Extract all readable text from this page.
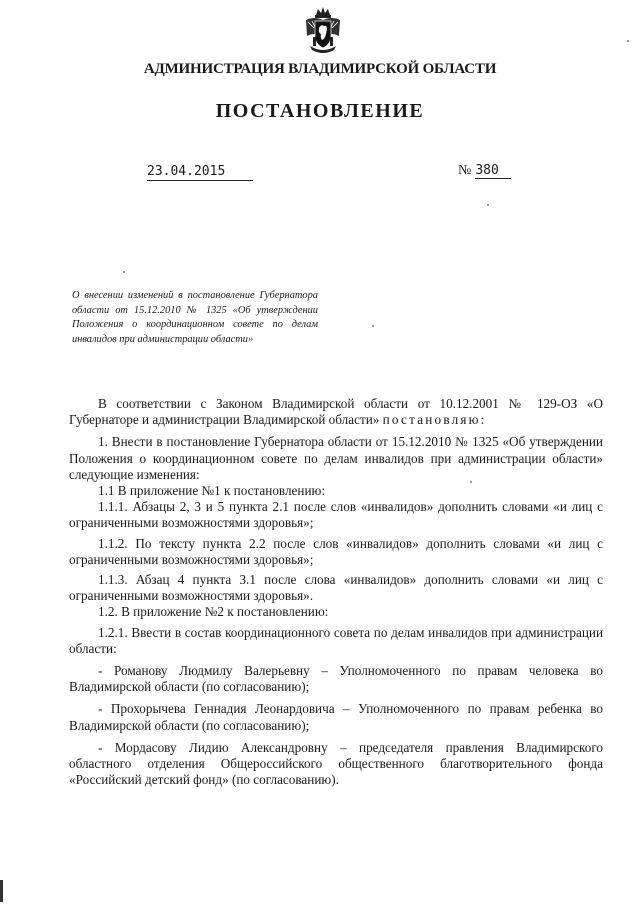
АДМИНИСТРАЦИЯ ВЛАДИМИРСКОЙ ОБЛАСТИ
ПОСТАНОВЛЕНИЕ
23.04.2015	№ 380
О внесении изменений в постановление Губернатора области от 15.12.2010 № 1325 «Об утверждении Положения о координационном совете по делам инвалидов при администрации области»

В соответствии с Законом Владимирской области от 10.12.2001 № 129-ОЗ «О Губернаторе и администрации Владимирской области» постановляю:

1. Внести в постановление Губернатора области от 15.12.2010 № 1325 «Об утверждении Положения о координационном совете по делам инвалидов при администрации области» следующие изменения:

1.1 В приложение №1 к постановлению:

1.1.1. Абзацы 2, 3 и 5 пункта 2.1 после слов «инвалидов» дополнить словами «и лиц с ограниченными возможностями здоровья»;

1.1.2. По тексту пункта 2.2 после слов «инвалидов» дополнить словами «и лиц с ограниченными возможностями здоровья»;

1.1.3. Абзац 4 пункта 3.1 после слова «инвалидов» дополнить словами «и лиц с ограниченными возможностями здоровья».

1.2. В приложение №2 к постановлению:

1.2.1. Ввести в состав координационного совета по делам инвалидов при администрации области:

- Романову Людмилу Валерьевну – Уполномоченного по правам человека во Владимирской области (по согласованию);

- Прохорычева Геннадия Леонардовича – Уполномоченного по правам ребенка во Владимирской области (по согласованию);

- Мордасову Лидию Александровну – председателя правления Владимирского областного отделения Общероссийского общественного благотворительного фонда «Российский детский фонд» (по согласованию).
